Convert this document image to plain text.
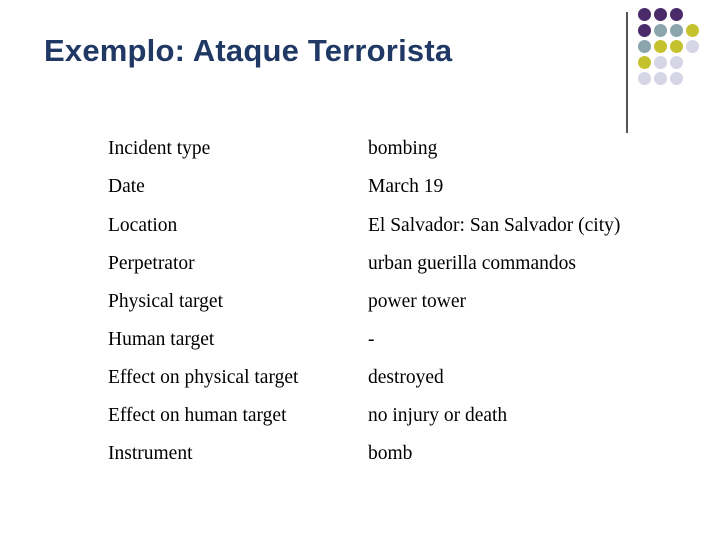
Exemplo: Ataque Terrorista
Incident type	bombing
Date	March 19
Location	El Salvador: San Salvador (city)
Perpetrator	urban guerilla commandos
Physical target	power tower
Human target	-
Effect on physical target	destroyed
Effect on human target	no injury or death
Instrument	bomb
